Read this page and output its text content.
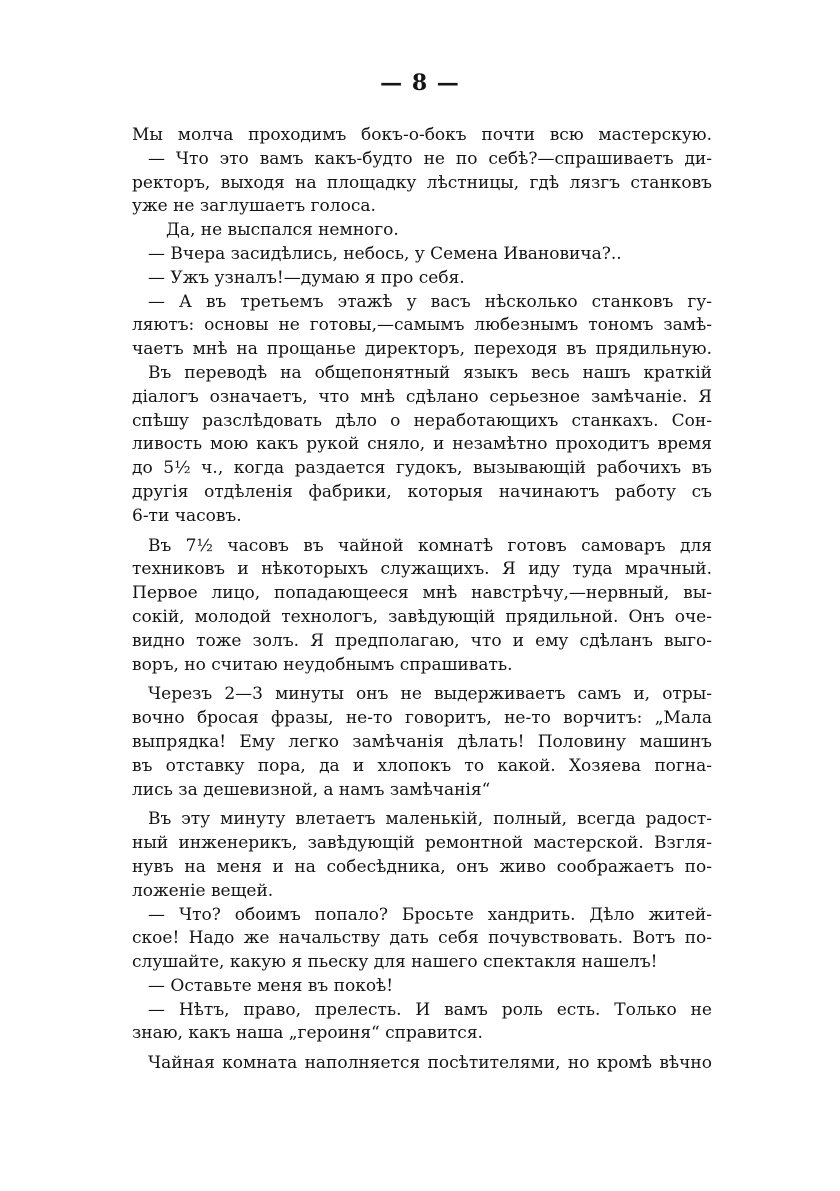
— 8 —
Мы молча проходимъ бокъ-о-бокъ почти всю мастерскую.
— Что это вамъ какъ-будто не по себѣ?—спрашиваетъ ди-
ректоръ, выходя на площадку лѣстницы, гдѣ лязгъ станковъ
уже не заглушаетъ голоса.
Да, не выспался немного.
— Вчера засидѣлись, небось, у Семена Ивановича?..
— Ужъ узналъ!—думаю я про себя.
— А въ третьемъ этажѣ у васъ нѣсколько станковъ гу-
ляютъ: основы не готовы,—самымъ любезнымъ тономъ замѣ-
чаетъ мнѣ на прощанье директоръ, переходя въ прядильную.
Въ переводѣ на общепонятный языкъ весь нашъ краткій
діалогъ означаетъ, что мнѣ сдѣлано серьезное замѣчаніе. Я
спѣшу разслѣдовать дѣло о неработающихъ станкахъ. Сон-
ливость мою какъ рукой сняло, и незамѣтно проходитъ время
до 5½ ч., когда раздается гудокъ, вызывающій рабочихъ въ
другія отдѣленія фабрики, которыя начинаютъ работу съ
6-ти часовъ.
Въ 7½ часовъ въ чайной комнатѣ готовъ самоваръ для
техниковъ и нѣкоторыхъ служащихъ. Я иду туда мрачный.
Первое лицо, попадающееся мнѣ навстрѣчу,—нервный, вы-
сокій, молодой технологъ, завѣдующій прядильной. Онъ оче-
видно тоже золъ. Я предполагаю, что и ему сдѣланъ выго-
воръ, но считаю неудобнымъ спрашивать.
Черезъ 2—3 минуты онъ не выдерживаетъ самъ и, отры-
вочно бросая фразы, не-то говоритъ, не-то ворчитъ: „Мала
выпрядка! Ему легко замѣчанія дѣлать! Половину машинъ
въ отставку пора, да и хлопокъ то какой. Хозяева погна-
лись за дешевизной, а намъ замѣчанія“
Въ эту минуту влетаетъ маленькій, полный, всегда радост-
ный инженерикъ, завѣдующій ремонтной мастерской. Взгля-
нувъ на меня и на собесѣдника, онъ живо соображаетъ по-
ложеніе вещей.
— Что? обоимъ попало? Бросьте хандрить. Дѣло житей-
ское! Надо же начальству дать себя почувствовать. Вотъ по-
слушайте, какую я пьеску для нашего спектакля нашелъ!
— Оставьте меня въ покоѣ!
— Нѣтъ, право, прелесть. И вамъ роль есть. Только не
знаю, какъ наша „героиня“ справится.
Чайная комната наполняется посѣтителями, но кромѣ вѣчно
